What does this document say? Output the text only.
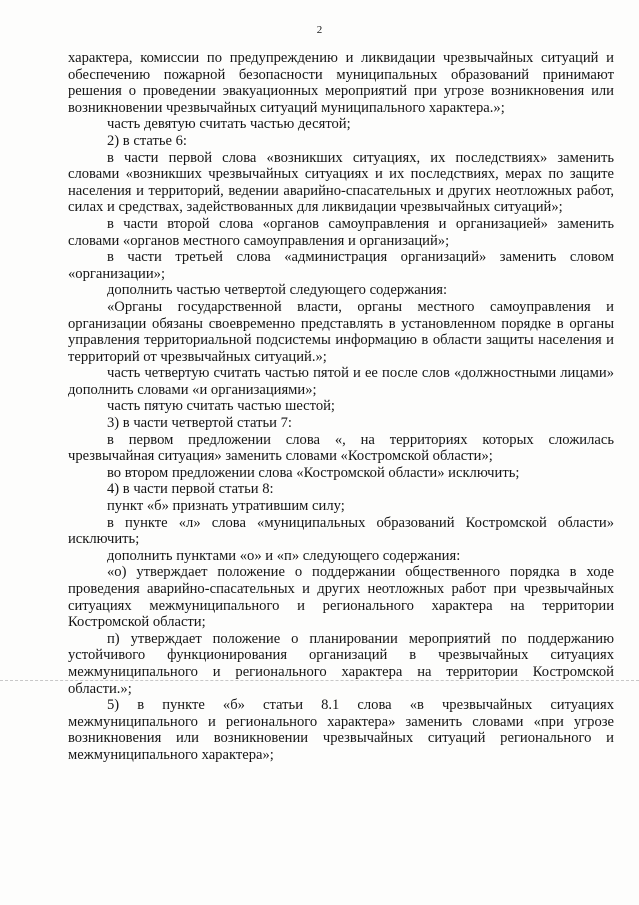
2

характера, комиссии по предупреждению и ликвидации чрезвычайных ситуаций и обеспечению пожарной безопасности муниципальных образований принимают решения о проведении эвакуационных мероприятий при угрозе возникновения или возникновении чрезвычайных ситуаций муниципального характера.»;

часть девятую считать частью десятой;

2) в статье 6:

в части первой слова «возникших ситуациях, их последствиях» заменить словами «возникших чрезвычайных ситуациях и их последствиях, мерах по защите населения и территорий, ведении аварийно-спасательных и других неотложных работ, силах и средствах, задействованных для ликвидации чрезвычайных ситуаций»;

в части второй слова «органов самоуправления и организацией» заменить словами «органов местного самоуправления и организаций»;

в части третьей слова «администрация организаций» заменить словом «организации»;

дополнить частью четвертой следующего содержания:

«Органы государственной власти, органы местного самоуправления и организации обязаны своевременно представлять в установленном порядке в органы управления территориальной подсистемы информацию в области защиты населения и территорий от чрезвычайных ситуаций.»;

часть четвертую считать частью пятой и ее после слов «должностными лицами» дополнить словами «и организациями»;

часть пятую считать частью шестой;

3) в части четвертой статьи 7:

в первом предложении слова «, на территориях которых сложилась чрезвычайная ситуация» заменить словами «Костромской области»;

во втором предложении слова «Костромской области» исключить;

4) в части первой статьи 8:

пункт «б» признать утратившим силу;

в пункте «л» слова «муниципальных образований Костромской области» исключить;

дополнить пунктами «о» и «п» следующего содержания:

«о) утверждает положение о поддержании общественного порядка в ходе проведения аварийно-спасательных и других неотложных работ при чрезвычайных ситуациях межмуниципального и регионального характера на территории Костромской области;

п) утверждает положение о планировании мероприятий по поддержанию устойчивого функционирования организаций в чрезвычайных ситуациях межмуниципального и регионального характера на территории Костромской области.»;

5) в пункте «б» статьи 8.1 слова «в чрезвычайных ситуациях межмуниципального и регионального характера» заменить словами «при угрозе возникновения или возникновении чрезвычайных ситуаций регионального и межмуниципального характера»;
